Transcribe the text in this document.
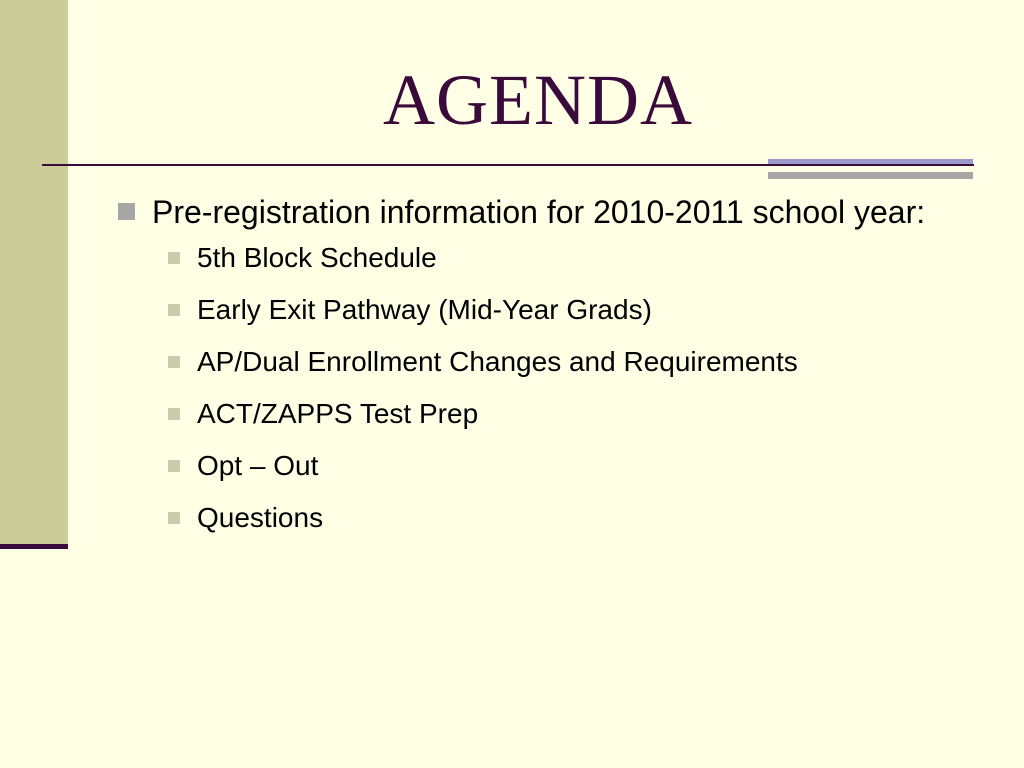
AGENDA
Pre-registration information for 2010-2011 school year:
5th Block Schedule
Early Exit Pathway (Mid-Year Grads)
AP/Dual Enrollment Changes and Requirements
ACT/ZAPPS Test Prep
Opt – Out
Questions
